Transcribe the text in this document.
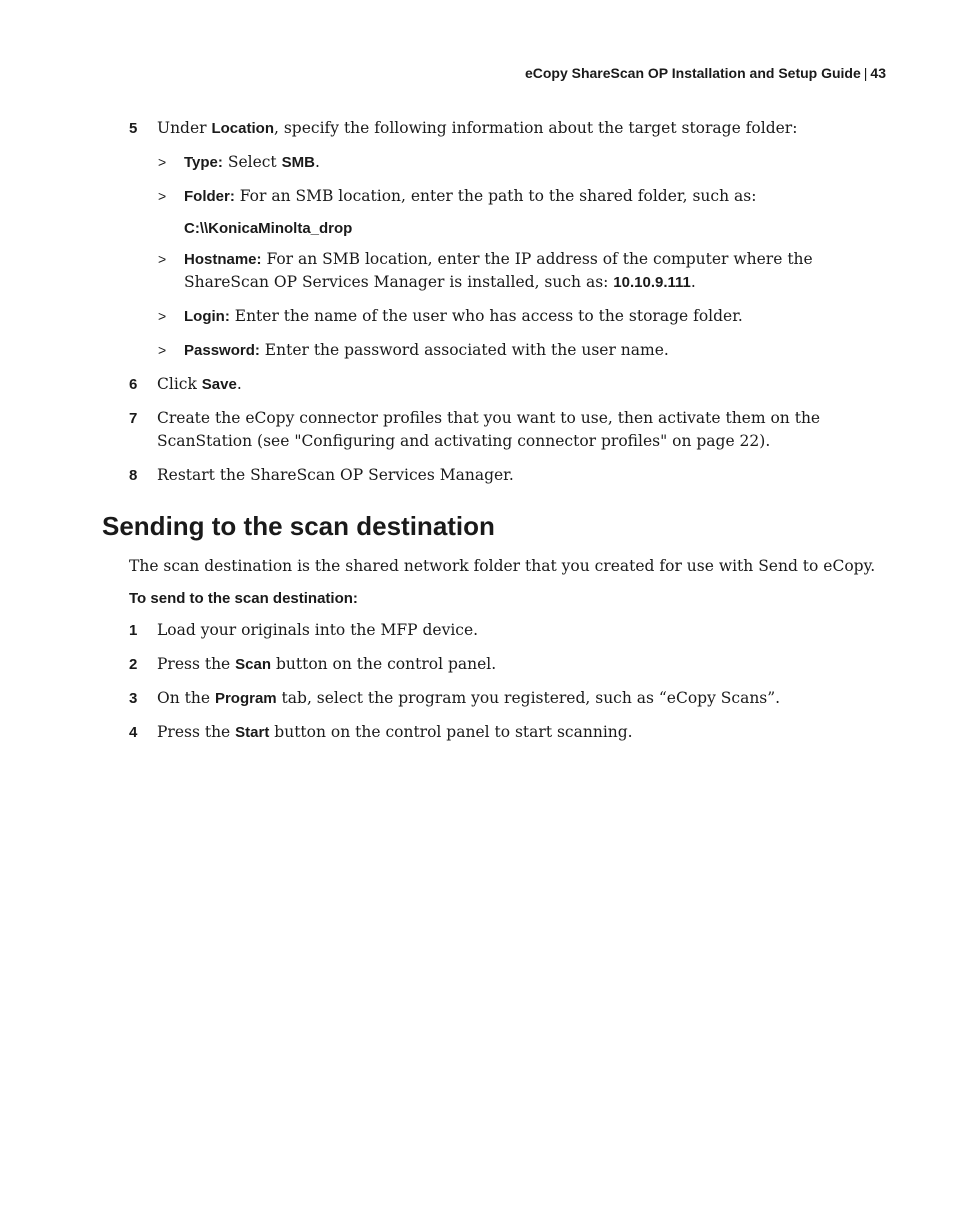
eCopy ShareScan OP Installation and Setup Guide | 43
5 Under Location, specify the following information about the target storage folder:
> Type: Select SMB.
> Folder: For an SMB location, enter the path to the shared folder, such as:
C:\\KonicaMinolta_drop
> Hostname: For an SMB location, enter the IP address of the computer where the ShareScan OP Services Manager is installed, such as: 10.10.9.111.
> Login: Enter the name of the user who has access to the storage folder.
> Password: Enter the password associated with the user name.
6 Click Save.
7 Create the eCopy connector profiles that you want to use, then activate them on the ScanStation (see "Configuring and activating connector profiles" on page 22).
8 Restart the ShareScan OP Services Manager.
Sending to the scan destination
The scan destination is the shared network folder that you created for use with Send to eCopy.
To send to the scan destination:
1 Load your originals into the MFP device.
2 Press the Scan button on the control panel.
3 On the Program tab, select the program you registered, such as “eCopy Scans”.
4 Press the Start button on the control panel to start scanning.
